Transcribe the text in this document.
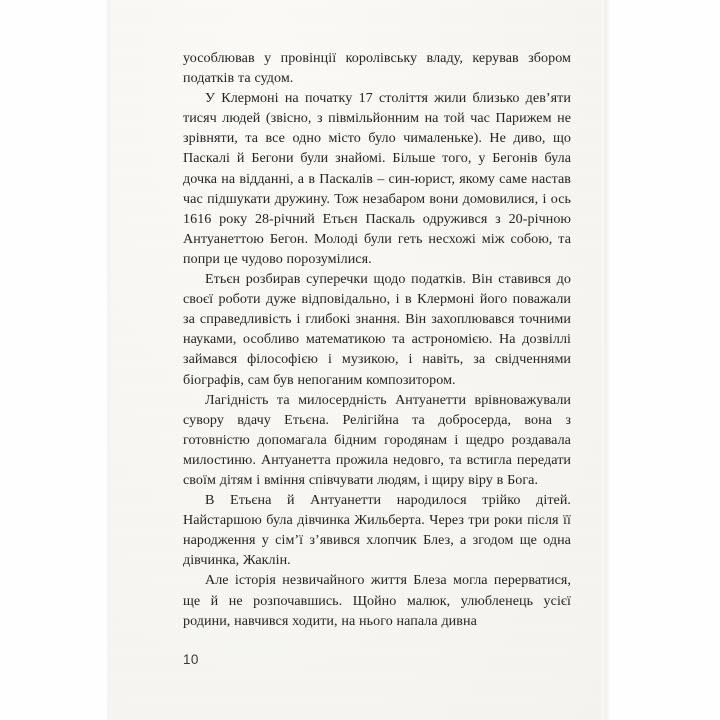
уособлював у провінції королівську владу, керував збором податків та судом.

У Клермоні на початку 17 століття жили близько дев’яти тисяч людей (звісно, з півмільйонним на той час Парижем не зрівняти, та все одно місто було чималеньке). Не диво, що Паскалі й Бегони були знайомі. Більше того, у Бегонів була дочка на відданні, а в Паскалів – син-юрист, якому саме настав час підшукати дружину. Тож незабаром вони домовилися, і ось 1616 року 28-річний Етьєн Паскаль одружився з 20-річною Антуанеттою Бегон. Молоді були геть несхожі між собою, та попри це чудово порозумілися.

Етьєн розбирав суперечки щодо податків. Він ставився до своєї роботи дуже відповідально, і в Клермоні його поважали за справедливість і глибокі знання. Він захоплювався точними науками, особливо математикою та астрономією. На дозвіллі займався філософією і музикою, і навіть, за свідченнями біографів, сам був непоганим композитором.

Лагідність та милосердність Антуанетти врівноважували сувору вдачу Етьєна. Релігійна та добросерда, вона з готовністю допомагала бідним городянам і щедро роздавала милостиню. Антуанетта прожила недовго, та встигла передати своїм дітям і вміння співчувати людям, і щиру віру в Бога.

В Етьєна й Антуанетти народилося трійко дітей. Найстаршою була дівчинка Жильберта. Через три роки після її народження у сім’ї з’явився хлопчик Блез, а згодом ще одна дівчинка, Жаклін.

Але історія незвичайного життя Блеза могла перерватися, ще й не розпочавшись. Щойно малюк, улюбленець усієї родини, навчився ходити, на нього напала дивна

10
